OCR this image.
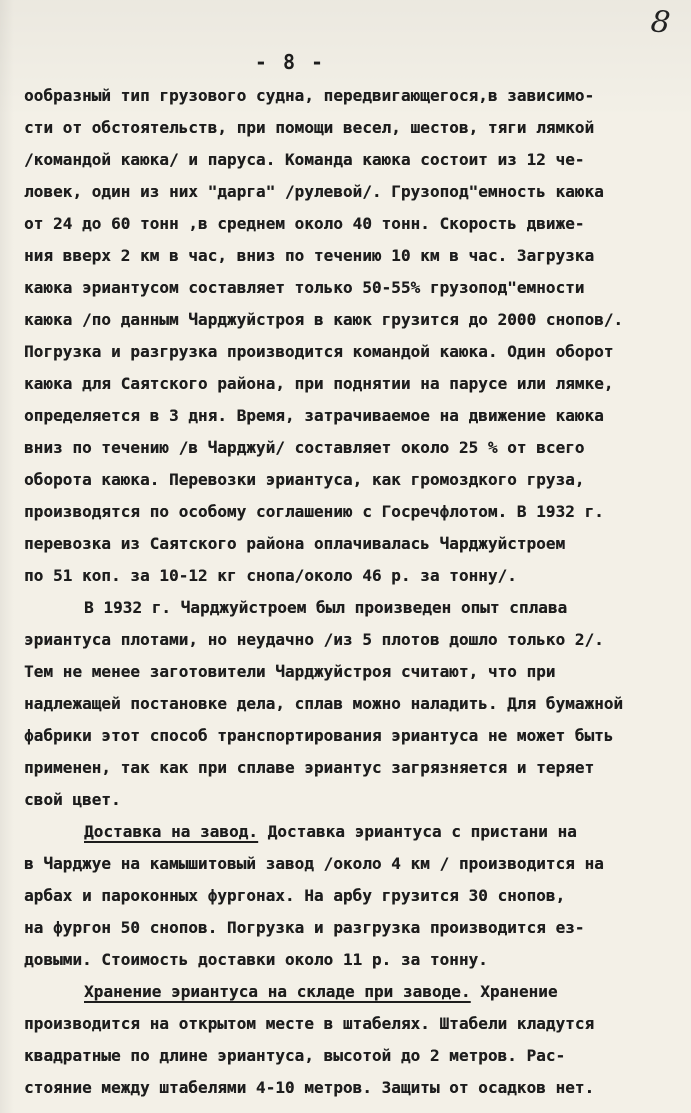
8
- 8 -
ообразный тип грузового судна, передвигающегося,в зависимо-
сти от обстоятельств, при помощи весел, шестов, тяги лямкой
/командой каюка/ и паруса. Команда каюка состоит из 12 че-
ловек, один из них "дарга" /рулевой/. Грузопод"емность каюка
от 24 до 60 тонн ,в среднем около 40 тонн. Скорость движе-
ния вверх 2 км в час, вниз по течению 10 км в час. Загрузка
каюка эриантусом составляет только 50-55% грузопод"емности
каюка /по данным Чарджуйстроя в каюк грузится до 2000 снопов/.
Погрузка и разгрузка производится командой каюка. Один оборот
каюка для Саятского района, при поднятии на парусе или лямке,
определяется в 3 дня. Время, затрачиваемое на движение каюка
вниз по течению /в Чарджуй/ составляет около 25 % от всего
оборота каюка. Перевозки эриантуса, как громоздкого груза,
производятся по особому соглашению с Госречфлотом. В 1932 г.
перевозка из Саятского района оплачивалась Чарджуйстроем
по 51 коп. за 10-12 кг снопа/около 46 р. за тонну/.
В 1932 г. Чарджуйстроем был произведен опыт сплава
эриантуса плотами, но неудачно /из 5 плотов дошло только 2/.
Тем не менее заготовители Чарджуйстроя считают, что при
надлежащей постановке дела, сплав можно наладить. Для бумажной
фабрики этот способ транспортирования эриантуса не может быть
применен, так как при сплаве эриантус загрязняется и теряет
свой цвет.
Доставка на завод. Доставка эриантуса с пристани на
в Чарджуе на камышитовый завод /около 4 км / производится на
арбах и пароконных фургонах. На арбу грузится 30 снопов,
на фургон 50 снопов. Погрузка и разгрузка производится ез-
довыми. Стоимость доставки около 11 р. за тонну.
Хранение эриантуса на складе при заводе. Хранение
производится на открытом месте в штабелях. Штабели кладутся
квадратные по длине эриантуса, высотой до 2 метров. Рас-
стояние между штабелями 4-10 метров. Защиты от осадков нет.
